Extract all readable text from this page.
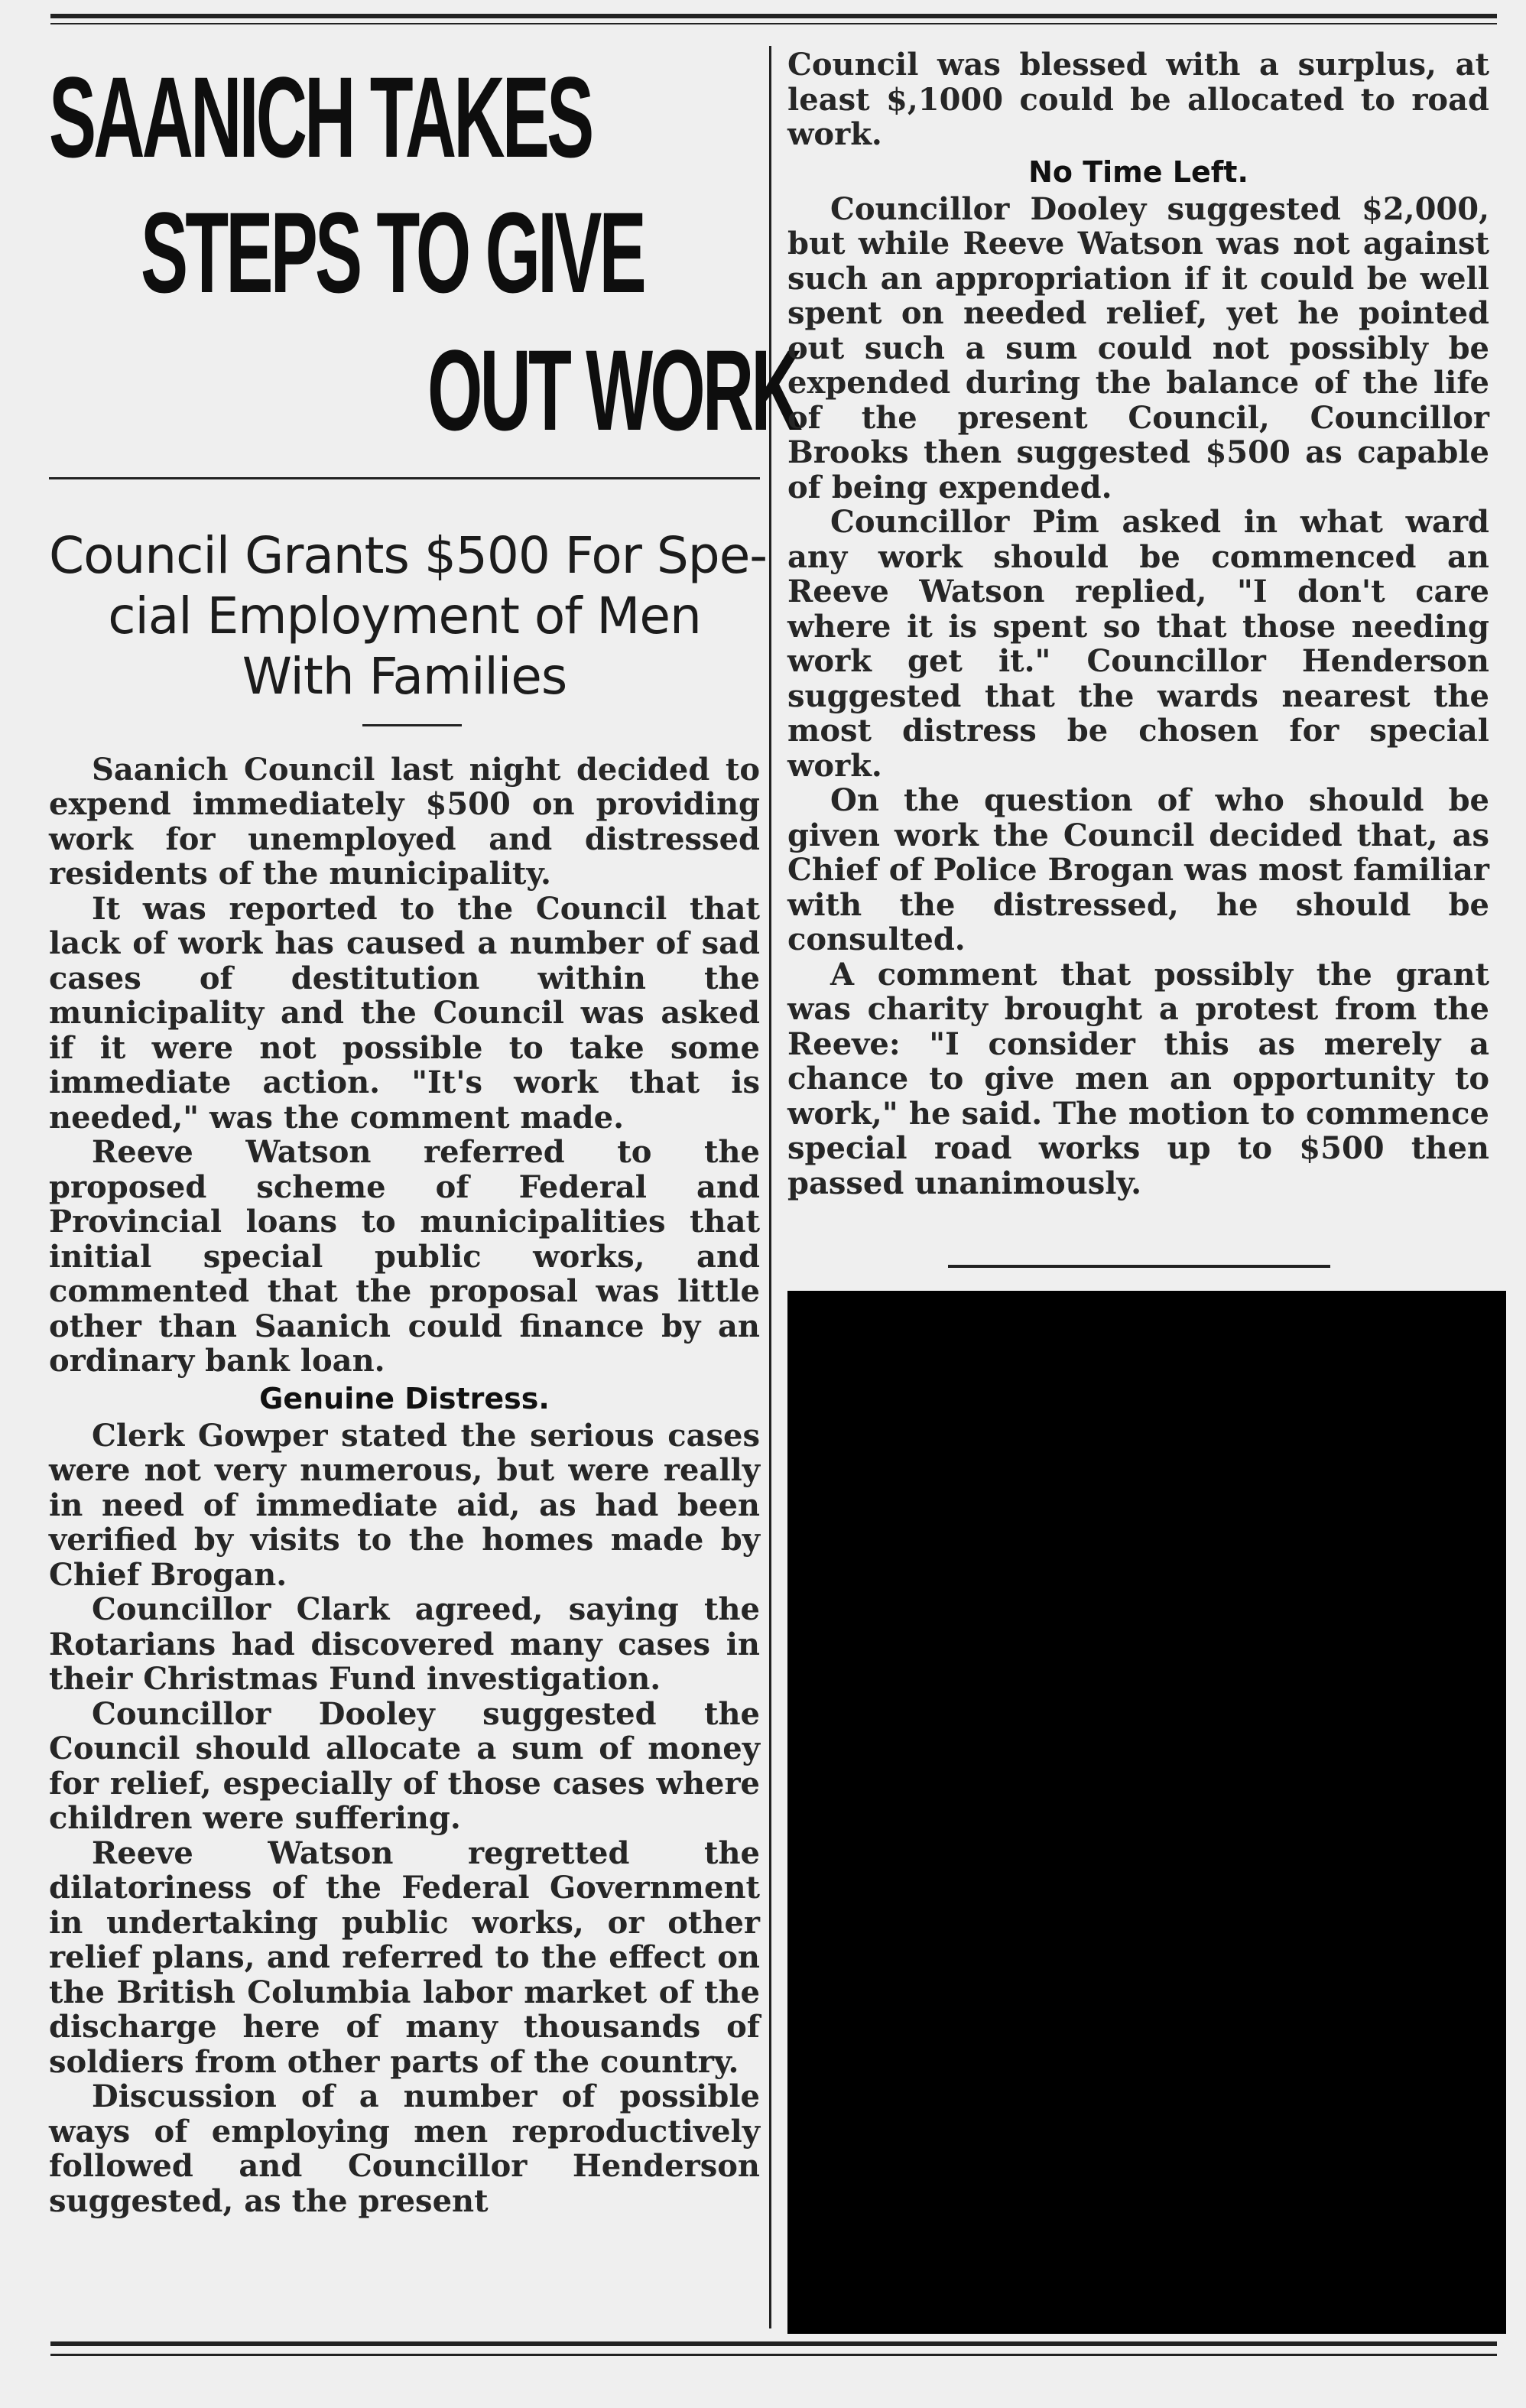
SAANICH TAKES
STEPS TO GIVE
OUT WORK
Council Grants $500 For Spe-
cial Employment of Men
With Families

Saanich Council last night decided to expend immediately $500 on providing work for unemployed and distressed residents of the municipality.

It was reported to the Council that lack of work has caused a number of sad cases of destitution within the municipality and the Council was asked if it were not possible to take some immediate action. "It's work that is needed," was the comment made.

Reeve Watson referred to the proposed scheme of Federal and Provincial loans to municipalities that initial special public works, and commented that the proposal was little other than Saanich could finance by an ordinary bank loan.

Genuine Distress.

Clerk Gowper stated the serious cases were not very numerous, but were really in need of immediate aid, as had been verified by visits to the homes made by Chief Brogan.

Councillor Clark agreed, saying the Rotarians had discovered many cases in their Christmas Fund investigation.

Councillor Dooley suggested the Council should allocate a sum of money for relief, especially of those cases where children were suffering.

Reeve Watson regretted the dilatoriness of the Federal Government in undertaking public works, or other relief plans, and referred to the effect on the British Columbia labor market of the discharge here of many thousands of soldiers from other parts of the country.

Discussion of a number of possible ways of employing men reproductively followed and Councillor Henderson suggested, as the present

Council was blessed with a surplus, at least $,1000 could be allocated to road work.

No Time Left.

Councillor Dooley suggested $2,000, but while Reeve Watson was not against such an appropriation if it could be well spent on needed relief, yet he pointed out such a sum could not possibly be expended during the balance of the life of the present Council, Councillor Brooks then suggested $500 as capable of being expended.

Councillor Pim asked in what ward any work should be commenced an Reeve Watson replied, "I don't care where it is spent so that those needing work get it." Councillor Henderson suggested that the wards nearest the most distress be chosen for special work.

On the question of who should be given work the Council decided that, as Chief of Police Brogan was most familiar with the distressed, he should be consulted.

A comment that possibly the grant was charity brought a protest from the Reeve: "I consider this as merely a chance to give men an opportunity to work," he said. The motion to commence special road works up to $500 then passed unanimously.
